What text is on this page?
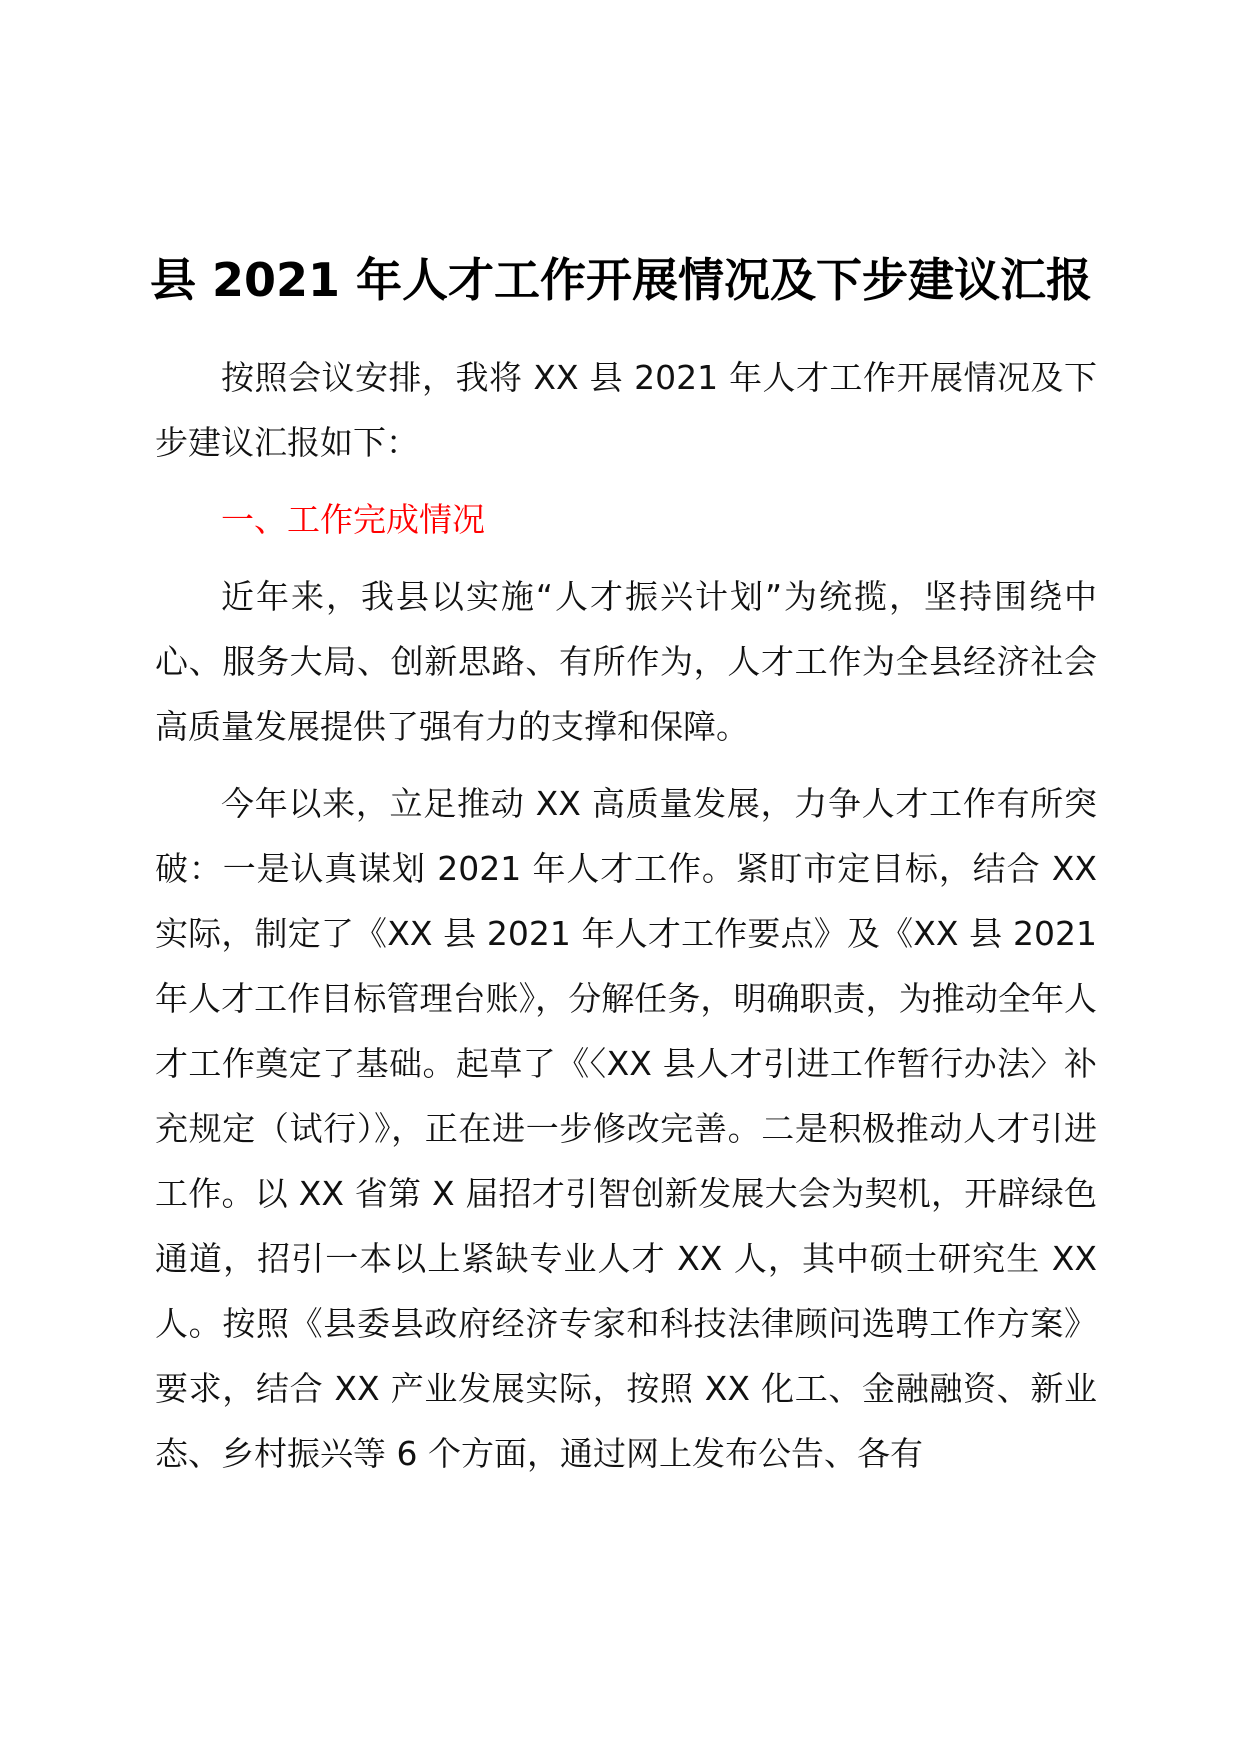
县 2021 年人才工作开展情况及下步建议汇报

按照会议安排，我将 XX 县 2021 年人才工作开展情况及下步建议汇报如下：

一、工作完成情况

近年来，我县以实施“人才振兴计划”为统揽，坚持围绕中心、服务大局、创新思路、有所作为，人才工作为全县经济社会高质量发展提供了强有力的支撑和保障。

今年以来，立足推动 XX 高质量发展，力争人才工作有所突破：一是认真谋划 2021 年人才工作。紧盯市定目标，结合 XX 实际，制定了《XX 县 2021 年人才工作要点》及《XX 县 2021 年人才工作目标管理台账》，分解任务，明确职责，为推动全年人才工作奠定了基础。起草了《〈XX 县人才引进工作暂行办法〉补充规定（试行）》，正在进一步修改完善。二是积极推动人才引进工作。以 XX 省第 X 届招才引智创新发展大会为契机，开辟绿色通道，招引一本以上紧缺专业人才 XX 人，其中硕士研究生 XX 人。按照《县委县政府经济专家和科技法律顾问选聘工作方案》要求，结合 XX 产业发展实际，按照 XX 化工、金融融资、新业态、乡村振兴等 6 个方面，通过网上发布公告、各有
